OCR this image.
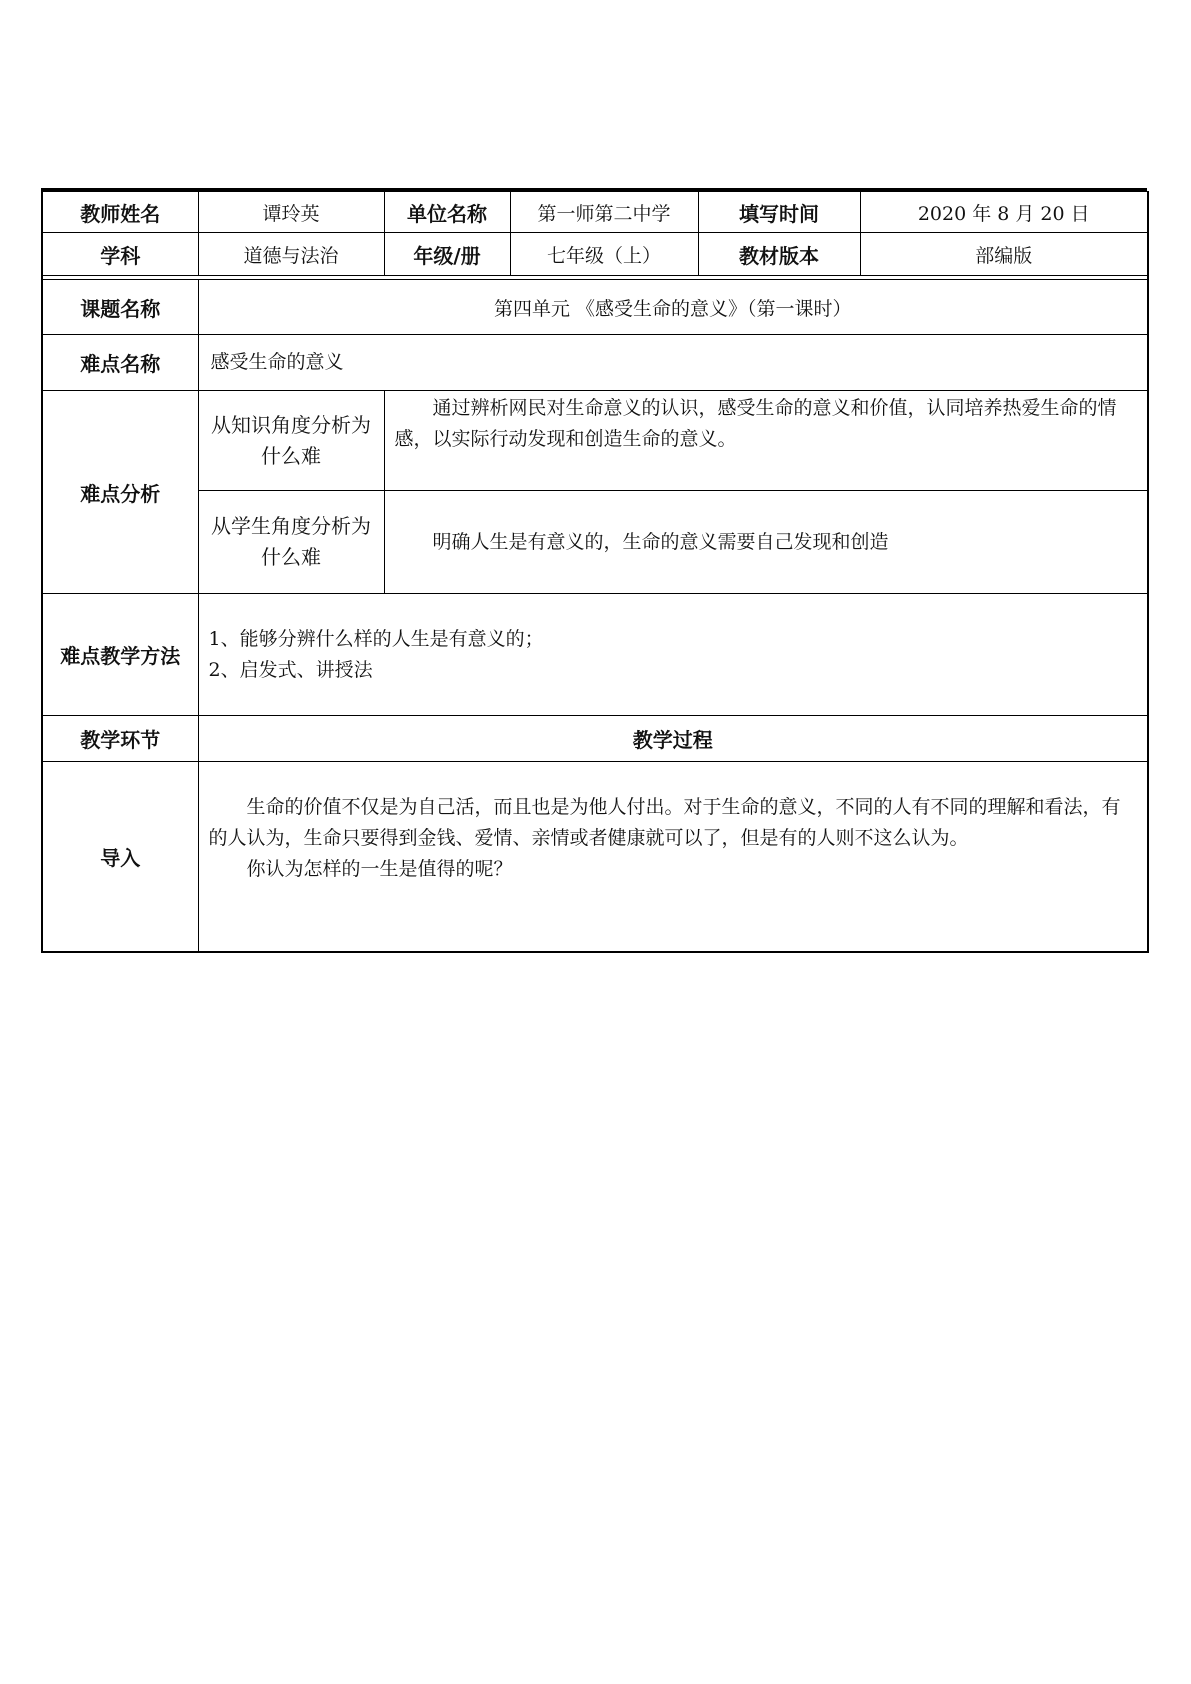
教师姓名	谭玲英	单位名称	第一师第二中学	填写时间	2020 年 8 月 20 日
学科	道德与法治	年级/册	七年级（上）	教材版本	部编版

课题名称	第四单元 《感受生命的意义》（第一课时）				
难点名称	感受生命的意义				
难点分析	从知识角度分析为什么难	通过辨析网民对生命意义的认识，感受生命的意义和价值，认同培养热爱生命的情感，以实际行动发现和创造生命的意义。			
	从学生角度分析为什么难	明确人生是有意义的，生命的意义需要自己发现和创造			
难点教学方法	1、能够分辨什么样的人生是有意义的；
2、启发式、讲授法				

教学环节	教学过程				
导入	生命的价值不仅是为自己活，而且也是为他人付出。对于生命的意义，不同的人有不同的理解和看法，有的人认为，生命只要得到金钱、爱情、亲情或者健康就可以了，但是有的人则不这么认为。
你认为怎样的一生是值得的呢？				
